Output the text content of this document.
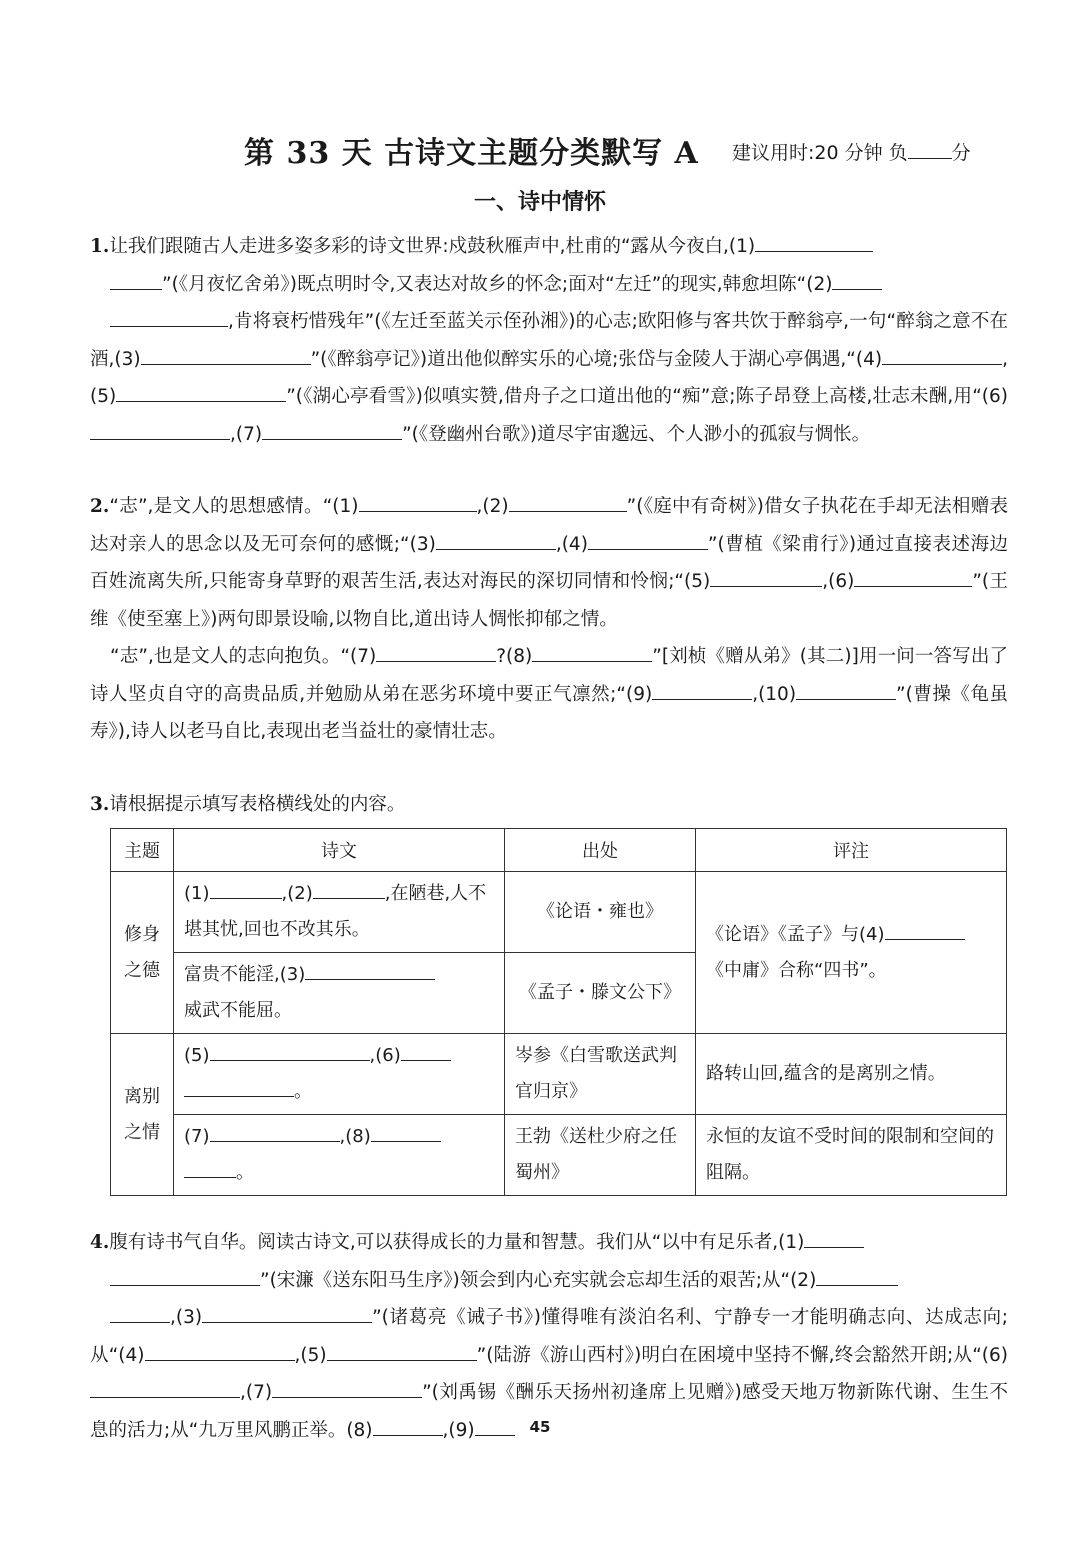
第 33 天 古诗文主题分类默写 A 建议用时:20 分钟 负 分
一、诗中情怀
1.让我们跟随古人走进多姿多彩的诗文世界:戍鼓秋雁声中,杜甫的“露从今夜白,(1)
”(《月夜忆舍弟》)既点明时令,又表达对故乡的怀念;面对“左迁”的现实,韩愈坦陈“(2)
,肯将衰朽惜残年”(《左迁至蓝关示侄孙湘》)的心志;欧阳修与客共饮于醉翁亭,一句“醉翁之意不在酒,(3)	”(《醉翁亭记》)道出他似醉实乐的心境;张岱与金陵人于湖心亭偶遇,“(4)	,(5)	”(《湖心亭看雪》)似嗔实赞,借舟子之口道出他的“痴”意;陈子昂登上高楼,壮志未酬,用“(6),(7)	”(《登幽州台歌》)道尽宇宙邈远、个人渺小的孤寂与惆怅。
2.“志”,是文人的思想感情。“(1)	,(2)	”(《庭中有奇树》)借女子执花在手却无法相赠表达对亲人的思念以及无可奈何的感慨;“(3)	,(4)	”(曹植《梁甫行》)通过直接表述海边百姓流离失所,只能寄身草野的艰苦生活,表达对海民的深切同情和怜悯;“(5)	,(6)	”(王维《使至塞上》)两句即景设喻,以物自比,道出诗人惆怅抑郁之情。
“志”,也是文人的志向抱负。“(7)	?(8)	”[刘桢《赠从弟》(其二)]用一问一答写出了诗人坚贞自守的高贵品质,并勉励从弟在恶劣环境中要正气凛然;“(9)	,(10)	”(曹操《龟虽寿》),诗人以老马自比,表现出老当益壮的豪情壮志。
3.请根据提示填写表格横线处的内容。
主题	诗文	出处	评注
修身之德	(1) ,(2) ,在陋巷,人不堪其忧,回也不改其乐。	《论语・雍也》	《论语》《孟子》与(4)《中庸》合称“四书”。
	富贵不能淫,(3)
威武不能屈。	《孟子・滕文公下》	
离别之情	(5) ,(6)
。	岑参《白雪歌送武判官归京》	路转山回,蕴含的是离别之情。
	(7) ,(8)
。	王勃《送杜少府之任蜀州》	永恒的友谊不受时间的限制和空间的阻隔。
4.腹有诗书气自华。阅读古诗文,可以获得成长的力量和智慧。我们从“以中有足乐者,(1)
”(宋濂《送东阳马生序》)领会到内心充实就会忘却生活的艰苦;从“(2)
,(3)	”(诸葛亮《诫子书》)懂得唯有淡泊名利、宁静专一才能明确志向、达成志向;从“(4)	,(5)	”(陆游《游山西村》)明白在困境中坚持不懈,终会豁然开朗;从“(6),(7)	”(刘禹锡《酬乐天扬州初逢席上见赠》)感受天地万物新陈代谢、生生不息的活力;从“九万里风鹏正举。(8)	,(9)	45
